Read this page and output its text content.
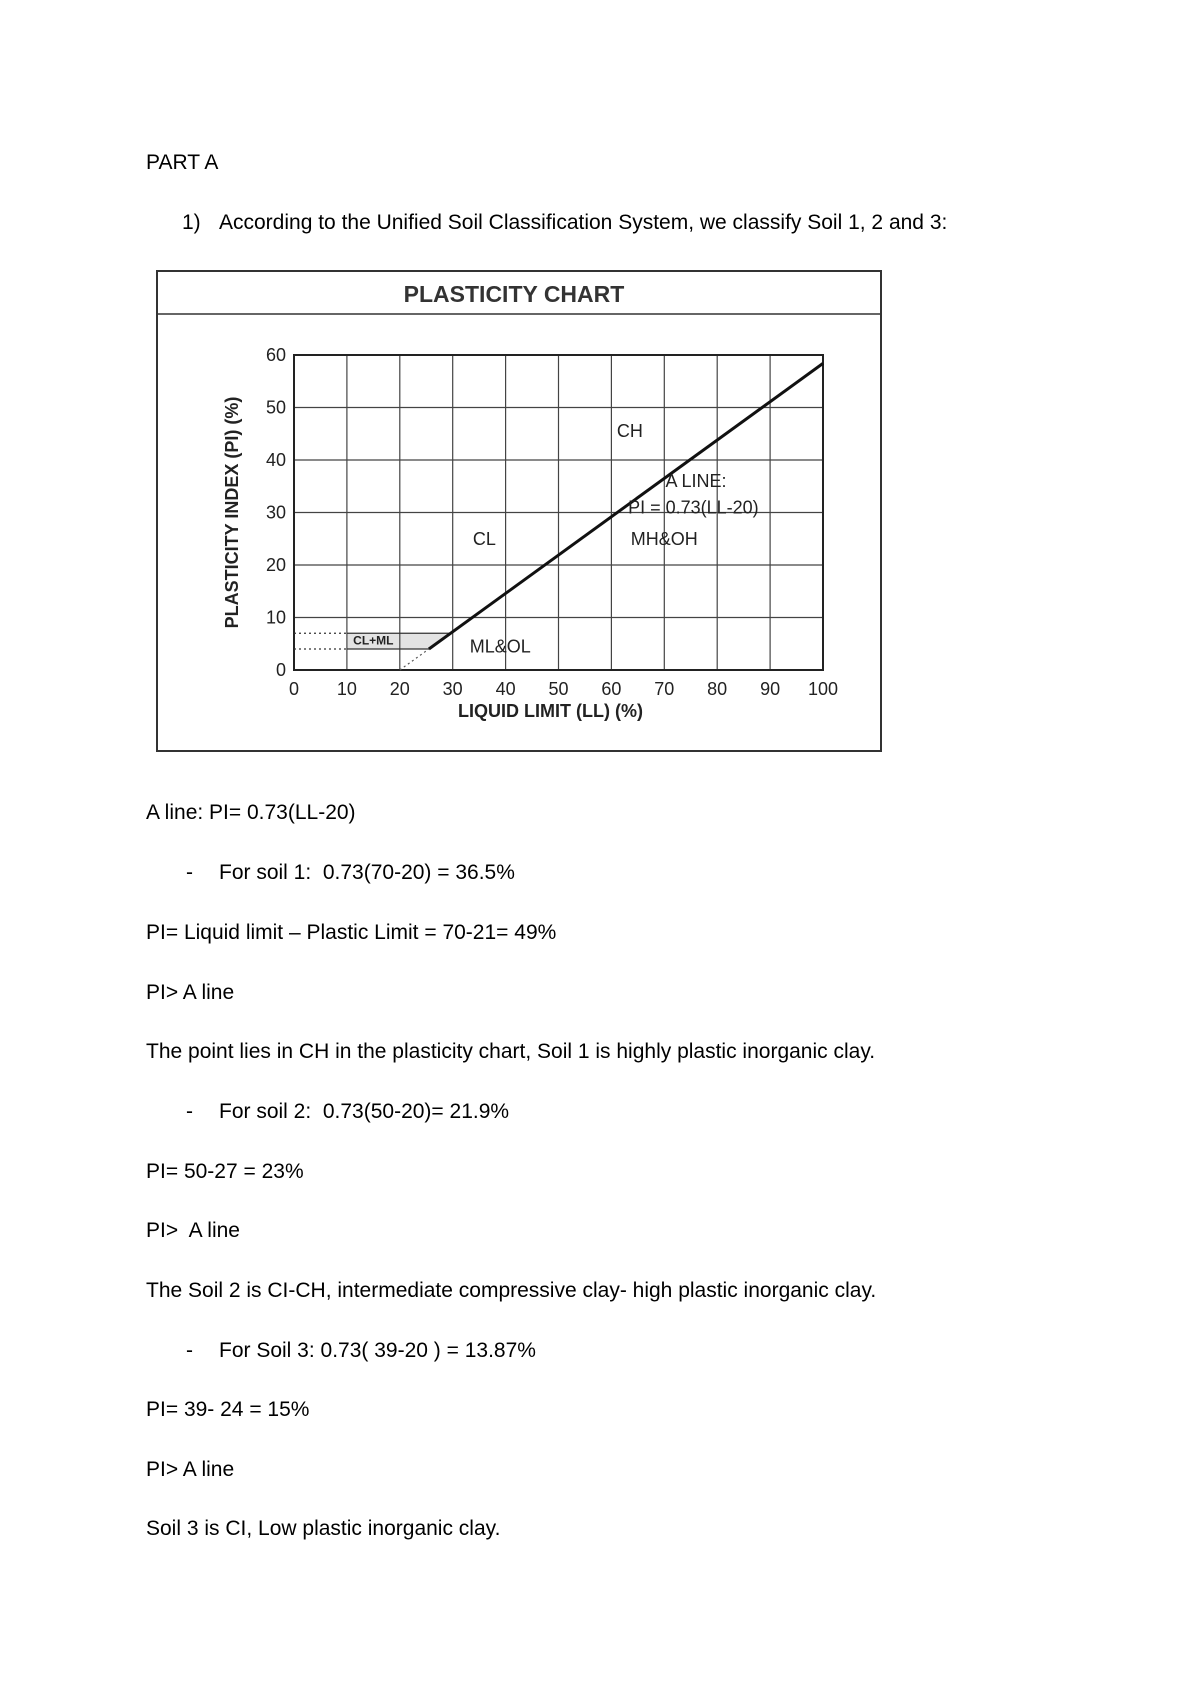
PART A
1) According to the Unified Soil Classification System, we classify Soil 1, 2 and 3:
PLASTICITY CHART
0 10 20 30 40 50 60 70 80 90 100
0
10
20
30
40
50
60
LIQUID LIMIT (LL) (%)
PLASTICITY INDEX (PI) (%)	CH
A LINE:
PI = 0.73(LL-20)
CL	MH&OH
ML&OL
CL+ML
A line: PI= 0.73(LL-20)
- For soil 1:  0.73(70-20) = 36.5%
PI= Liquid limit – Plastic Limit = 70-21= 49%
PI> A line
The point lies in CH in the plasticity chart, Soil 1 is highly plastic inorganic clay.
- For soil 2:  0.73(50-20)= 21.9%
PI= 50-27 = 23%
PI>  A line
The Soil 2 is CI-CH, intermediate compressive clay- high plastic inorganic clay.
- For Soil 3: 0.73( 39-20 ) = 13.87%
PI= 39- 24 = 15%
PI> A line
Soil 3 is CI, Low plastic inorganic clay.
